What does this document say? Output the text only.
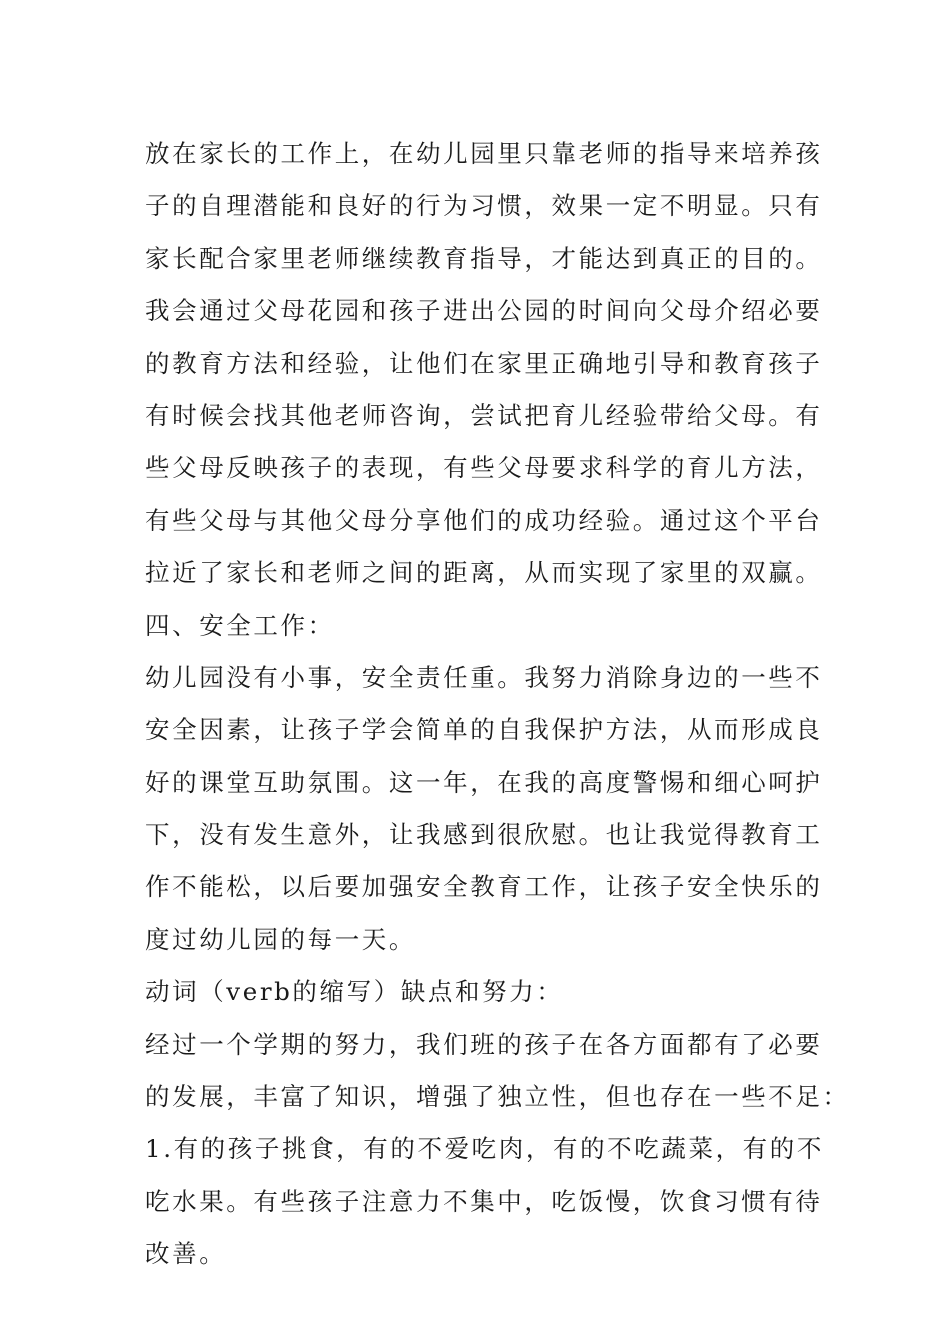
放在家长的工作上，在幼儿园里只靠老师的指导来培养孩
子的自理潜能和良好的行为习惯，效果一定不明显。只有
家长配合家里老师继续教育指导，才能达到真正的目的。
我会通过父母花园和孩子进出公园的时间向父母介绍必要
的教育方法和经验，让他们在家里正确地引导和教育孩子
有时候会找其他老师咨询，尝试把育儿经验带给父母。有
些父母反映孩子的表现，有些父母要求科学的育儿方法，
有些父母与其他父母分享他们的成功经验。通过这个平台
拉近了家长和老师之间的距离，从而实现了家里的双赢。
四、安全工作：
幼儿园没有小事，安全责任重。我努力消除身边的一些不
安全因素，让孩子学会简单的自我保护方法，从而形成良
好的课堂互助氛围。这一年，在我的高度警惕和细心呵护
下，没有发生意外，让我感到很欣慰。也让我觉得教育工
作不能松，以后要加强安全教育工作，让孩子安全快乐的
度过幼儿园的每一天。
动词（verb的缩写）缺点和努力：
经过一个学期的努力，我们班的孩子在各方面都有了必要
的发展，丰富了知识，增强了独立性，但也存在一些不足：
1.有的孩子挑食，有的不爱吃肉，有的不吃蔬菜，有的不
吃水果。有些孩子注意力不集中，吃饭慢，饮食习惯有待
改善。
